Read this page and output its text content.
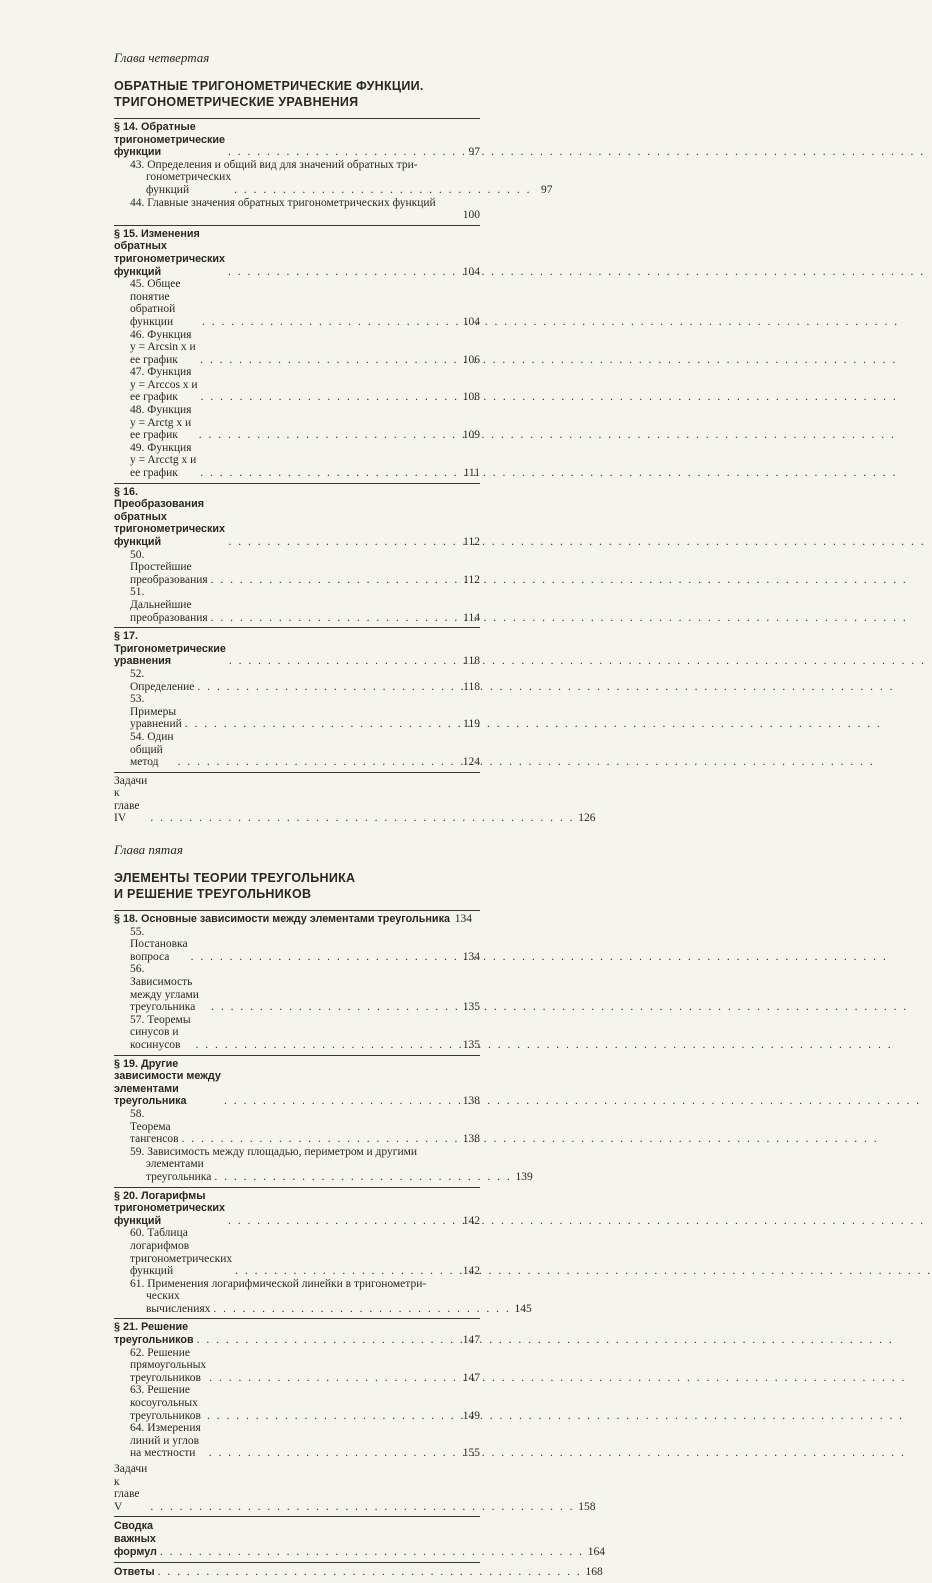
Глава четвертая
ОБРАТНЫЕ ТРИГОНОМЕТРИЧЕСКИЕ ФУНКЦИИ.
ТРИГОНОМЕТРИЧЕСКИЕ УРАВНЕНИЯ
§ 14. Обратные тригонометрические функции . . .	97
43. Определения и общий вид для значений обратных три-
гонометрических функций . . .	97
44. Главные значения обратных тригонометрических функций
100
§ 15. Изменения обратных тригонометрических функций . . .	104
45. Общее понятие обратной функции . . .	104
46. Функция y = Arcsin x и ее график . . .	106
47. Функция y = Arccos x и ее график . . .	108
48. Функция y = Arctg x и ее график . . .	109
49. Функция y = Arcctg x и ее график . . .	111
§ 16. Преобразования обратных тригонометрических функций . . .	112
50. Простейшие преобразования . . .	112
51. Дальнейшие преобразования . . .	114
§ 17. Тригонометрические уравнения . . .	118
52. Определение . . .	118
53. Примеры уравнений . . .	119
54. Один общий метод . . .	124
Задачи к главе IV . . .	126
Глава пятая
ЭЛЕМЕНТЫ ТЕОРИИ ТРЕУГОЛЬНИКА
И РЕШЕНИЕ ТРЕУГОЛЬНИКОВ
§ 18. Основные зависимости между элементами треугольника 134
55. Постановка вопроса . . .	134
56. Зависимость между углами треугольника . . .	135
57. Теоремы синусов и косинусов . . .	135
§ 19. Другие зависимости между элементами треугольника . . .	138
58. Теорема тангенсов . . .	138
59. Зависимость между площадью, периметром и другими
элементами треугольника . . .	139
§ 20. Логарифмы тригонометрических функций . . .	142
60. Таблица логарифмов тригонометрических функций . . .	142
61. Применения логарифмической линейки в тригонометри-
ческих вычислениях . . .	145
§ 21. Решение треугольников . . .	147
62. Решение прямоугольных треугольников . . .	147
63. Решение косоугольных треугольников . . .	149
64. Измерения линий и углов на местности . . .	155
Задачи к главе V . . .	158
Сводка важных формул . . .	164
Ответы . . .	168
